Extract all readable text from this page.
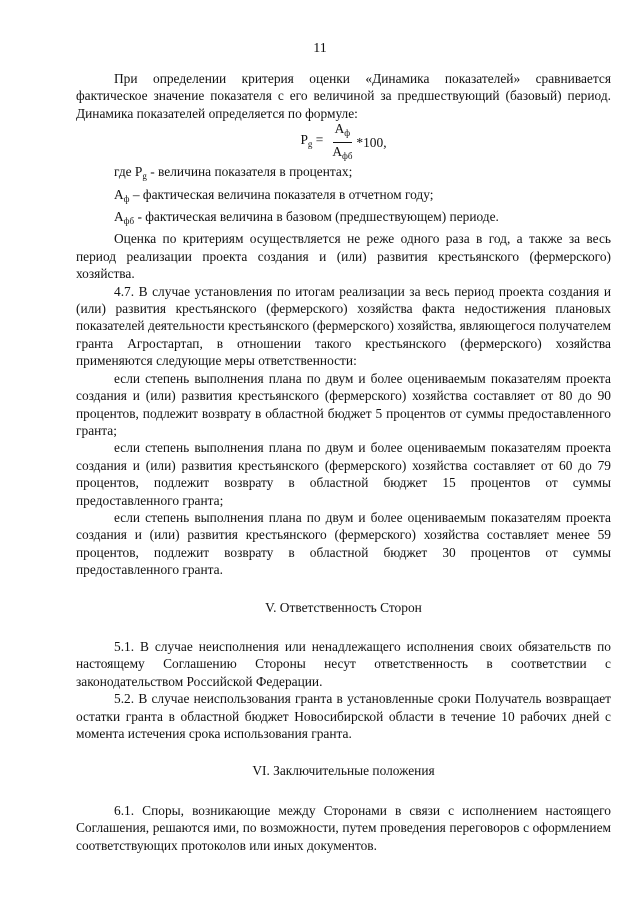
11

При определении критерия оценки «Динамика показателей» сравнивается фактическое значение показателя с его величиной за предшествующий (базовый) период. Динамика показателей определяется по формуле:

$P_g = \frac{A_ф}{A_{фб}} *100$,

где $P_g$ - величина показателя в процентах;

$A_ф$ – фактическая величина показателя в отчетном году;

$A_{фб}$ - фактическая величина в базовом (предшествующем) периоде.

Оценка по критериям осуществляется не реже одного раза в год, а также за весь период реализации проекта создания и (или) развития крестьянского (фермерского) хозяйства.

4.7. В случае установления по итогам реализации за весь период проекта создания и (или) развития крестьянского (фермерского) хозяйства факта недостижения плановых показателей деятельности крестьянского (фермерского) хозяйства, являющегося получателем гранта Агростартап, в отношении такого крестьянского (фермерского) хозяйства применяются следующие меры ответственности:

если степень выполнения плана по двум и более оцениваемым показателям проекта создания и (или) развития крестьянского (фермерского) хозяйства составляет от 80 до 90 процентов, подлежит возврату в областной бюджет 5 процентов от суммы предоставленного гранта;

если степень выполнения плана по двум и более оцениваемым показателям проекта создания и (или) развития крестьянского (фермерского) хозяйства составляет от 60 до 79 процентов, подлежит возврату в областной бюджет 15 процентов от суммы предоставленного гранта;

если степень выполнения плана по двум и более оцениваемым показателям проекта создания и (или) развития крестьянского (фермерского) хозяйства составляет менее 59 процентов, подлежит возврату в областной бюджет 30 процентов от суммы предоставленного гранта.

V. Ответственность Сторон

5.1. В случае неисполнения или ненадлежащего исполнения своих обязательств по настоящему Соглашению Стороны несут ответственность в соответствии с законодательством Российской Федерации.

5.2. В случае неиспользования гранта в установленные сроки Получатель возвращает остатки гранта в областной бюджет Новосибирской области в течение 10 рабочих дней с момента истечения срока использования гранта.

VI. Заключительные положения

6.1. Споры, возникающие между Сторонами в связи с исполнением настоящего Соглашения, решаются ими, по возможности, путем проведения переговоров с оформлением соответствующих протоколов или иных документов.
